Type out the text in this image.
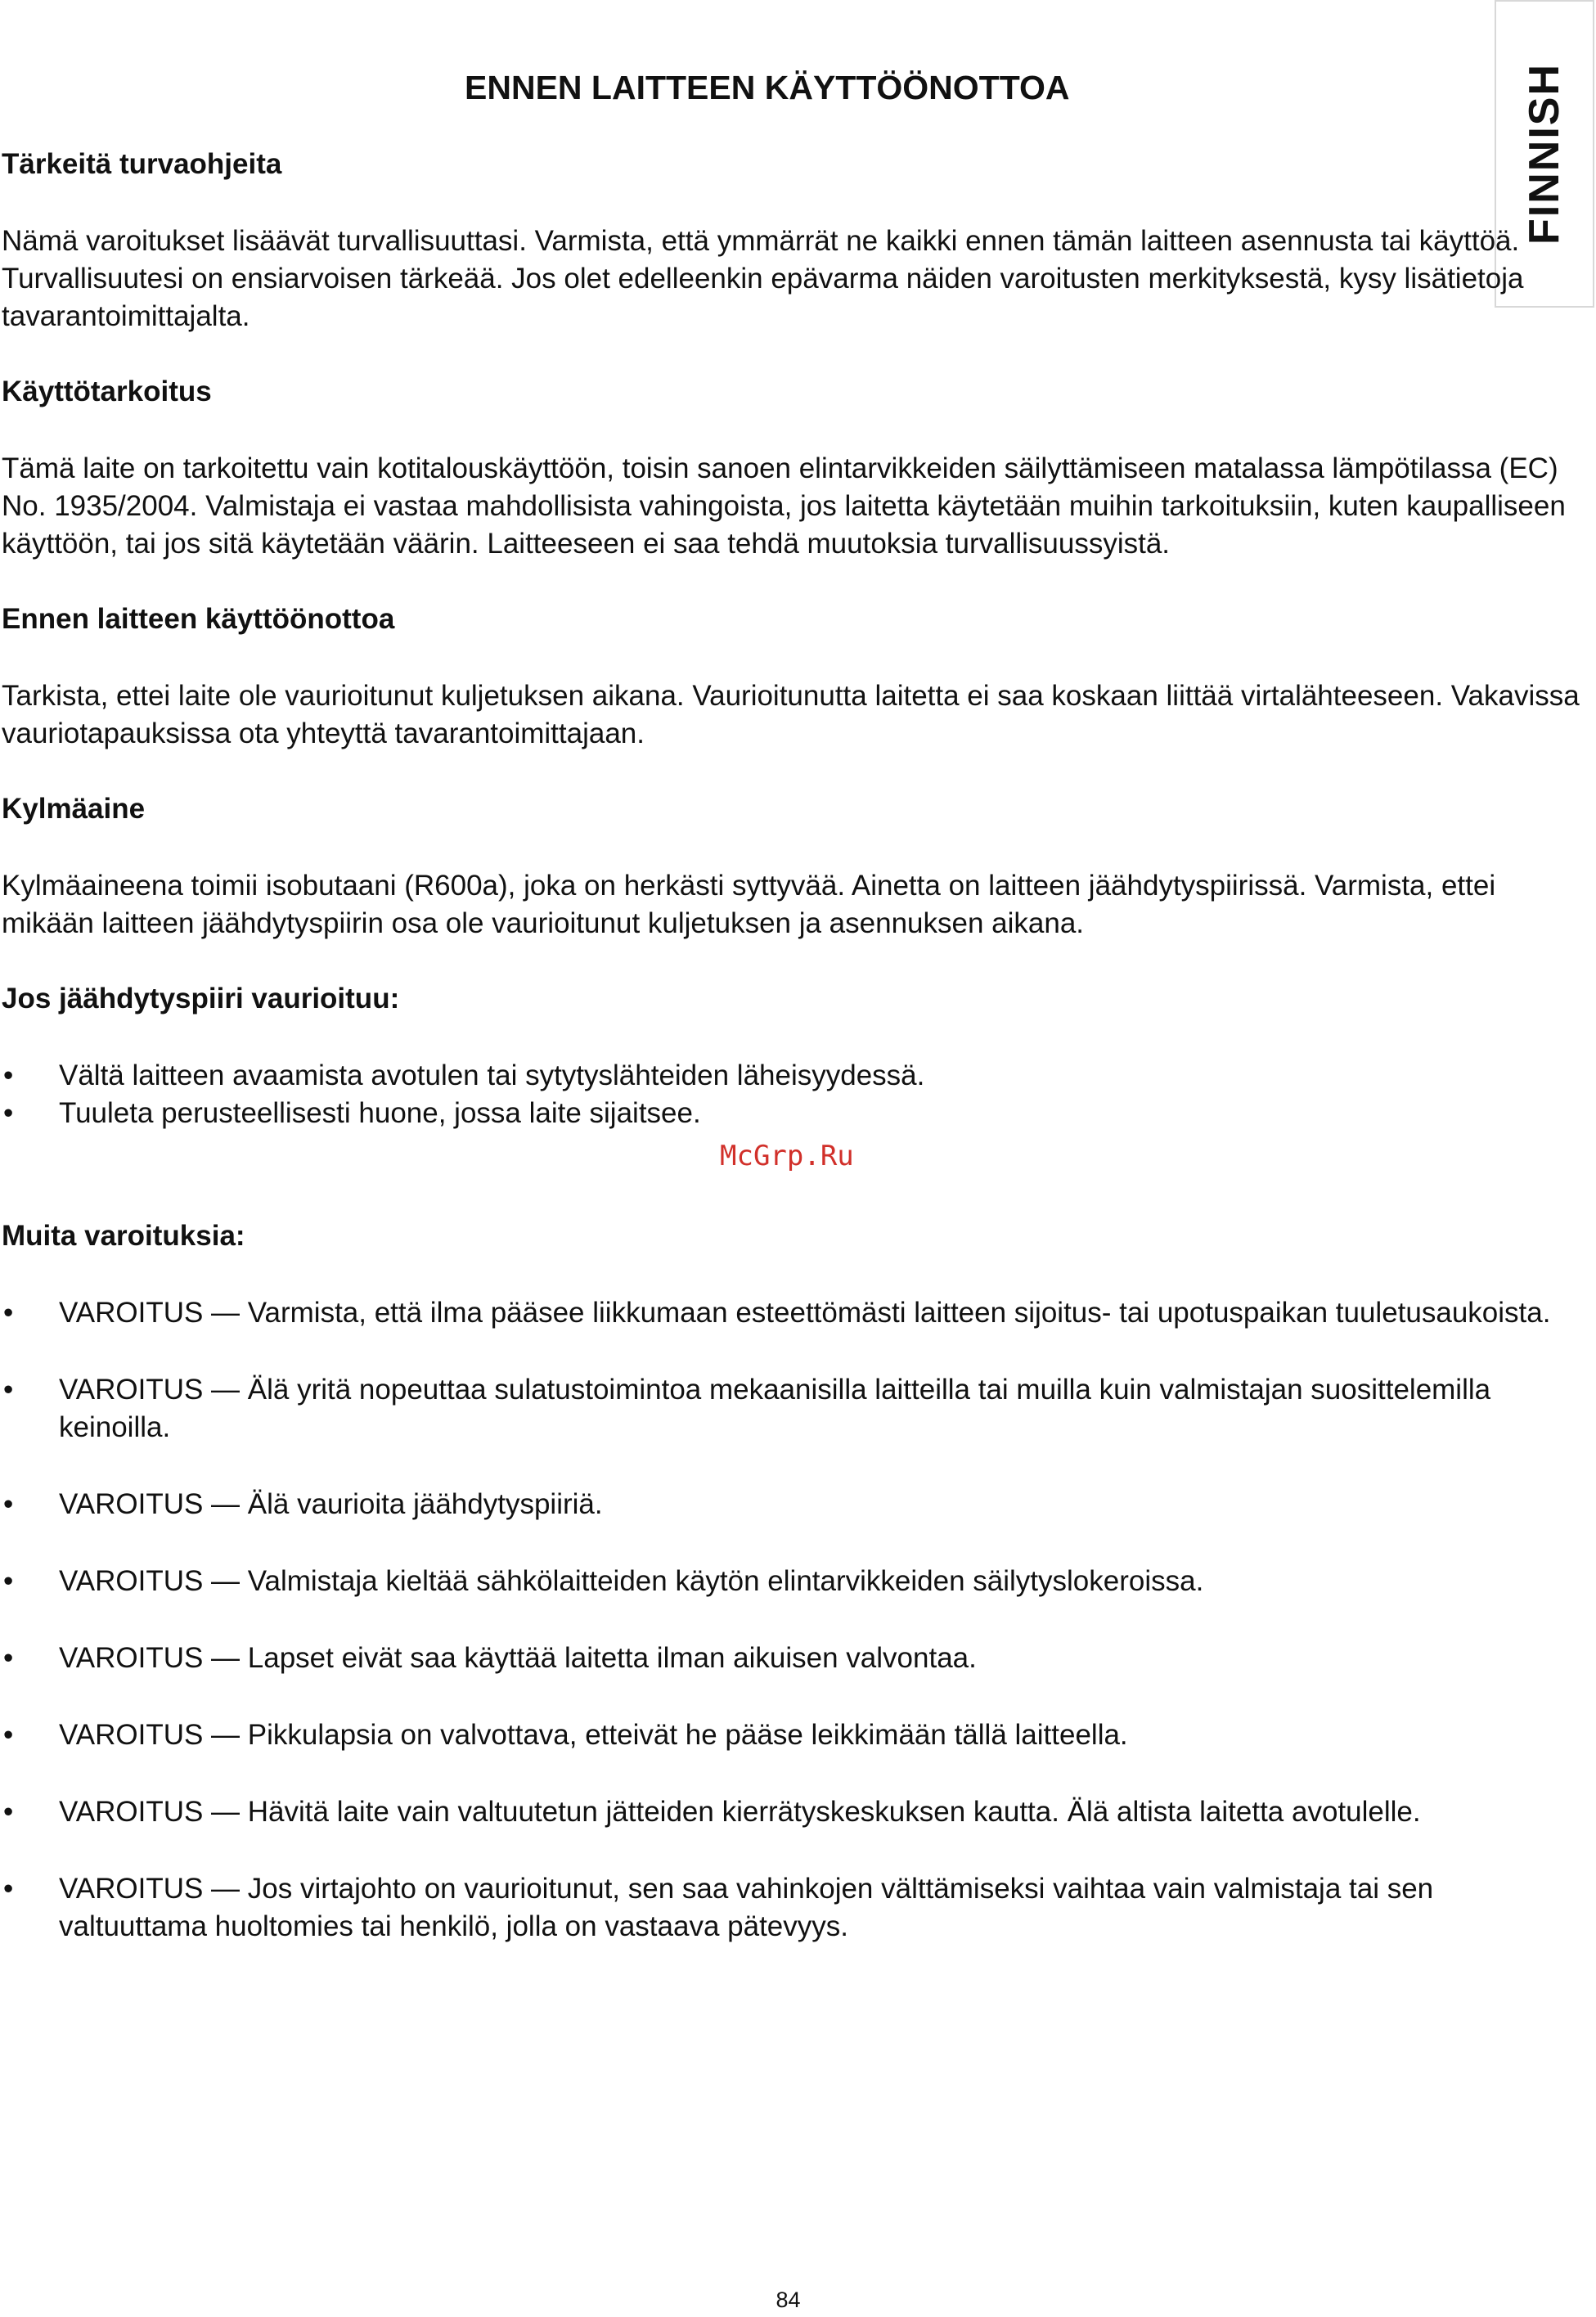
FINNISH
ENNEN LAITTEEN KÄYTTÖÖNOTTOA
Tärkeitä turvaohjeita

Nämä varoitukset lisäävät turvallisuuttasi. Varmista, että ymmärrät ne kaikki ennen tämän laitteen asennusta tai käyttöä. Turvallisuutesi on ensiarvoisen tärkeää. Jos olet edelleenkin epävarma näiden varoitusten merkityksestä, kysy lisätietoja tavarantoimittajalta.

Käyttötarkoitus

Tämä laite on tarkoitettu vain kotitalouskäyttöön, toisin sanoen elintarvikkeiden säilyttämiseen matalassa lämpötilassa (EC) No. 1935/2004. Valmistaja ei vastaa mahdollisista vahingoista, jos laitetta käytetään muihin tarkoituksiin, kuten kaupalliseen käyttöön, tai jos sitä käytetään väärin. Laitteeseen ei saa tehdä muutoksia turvallisuussyistä.

Ennen laitteen käyttöönottoa

Tarkista, ettei laite ole vaurioitunut kuljetuksen aikana. Vaurioitunutta laitetta ei saa koskaan liittää virtalähteeseen. Vakavissa vauriotapauksissa ota yhteyttä tavarantoimittajaan.

Kylmäaine

Kylmäaineena toimii isobutaani (R600a), joka on herkästi syttyvää. Ainetta on laitteen jäähdytyspiirissä. Varmista, ettei mikään laitteen jäähdytyspiirin osa ole vaurioitunut kuljetuksen ja asennuksen aikana.

Jos jäähdytyspiiri vaurioituu:
• Vältä laitteen avaamista avotulen tai sytytyslähteiden läheisyydessä.
• Tuuleta perusteellisesti huone, jossa laite sijaitsee.
Muita varoituksia:
• VAROITUS — Varmista, että ilma pääsee liikkumaan esteettömästi laitteen sijoitus- tai upotuspaikan tuuletusaukoista.
• VAROITUS — Älä yritä nopeuttaa sulatustoimintoa mekaanisilla laitteilla tai muilla kuin valmistajan suosittelemilla keinoilla.
• VAROITUS — Älä vaurioita jäähdytyspiiriä.
• VAROITUS — Valmistaja kieltää sähkölaitteiden käytön elintarvikkeiden säilytyslokeroissa.
• VAROITUS — Lapset eivät saa käyttää laitetta ilman aikuisen valvontaa.
• VAROITUS — Pikkulapsia on valvottava, etteivät he pääse leikkimään tällä laitteella.
• VAROITUS — Hävitä laite vain valtuutetun jätteiden kierrätyskeskuksen kautta. Älä altista laitetta avotulelle.
• VAROITUS — Jos virtajohto on vaurioitunut, sen saa vahinkojen välttämiseksi vaihtaa vain valmistaja tai sen valtuuttama huoltomies tai henkilö, jolla on vastaava pätevyys.
McGrp.Ru
84
